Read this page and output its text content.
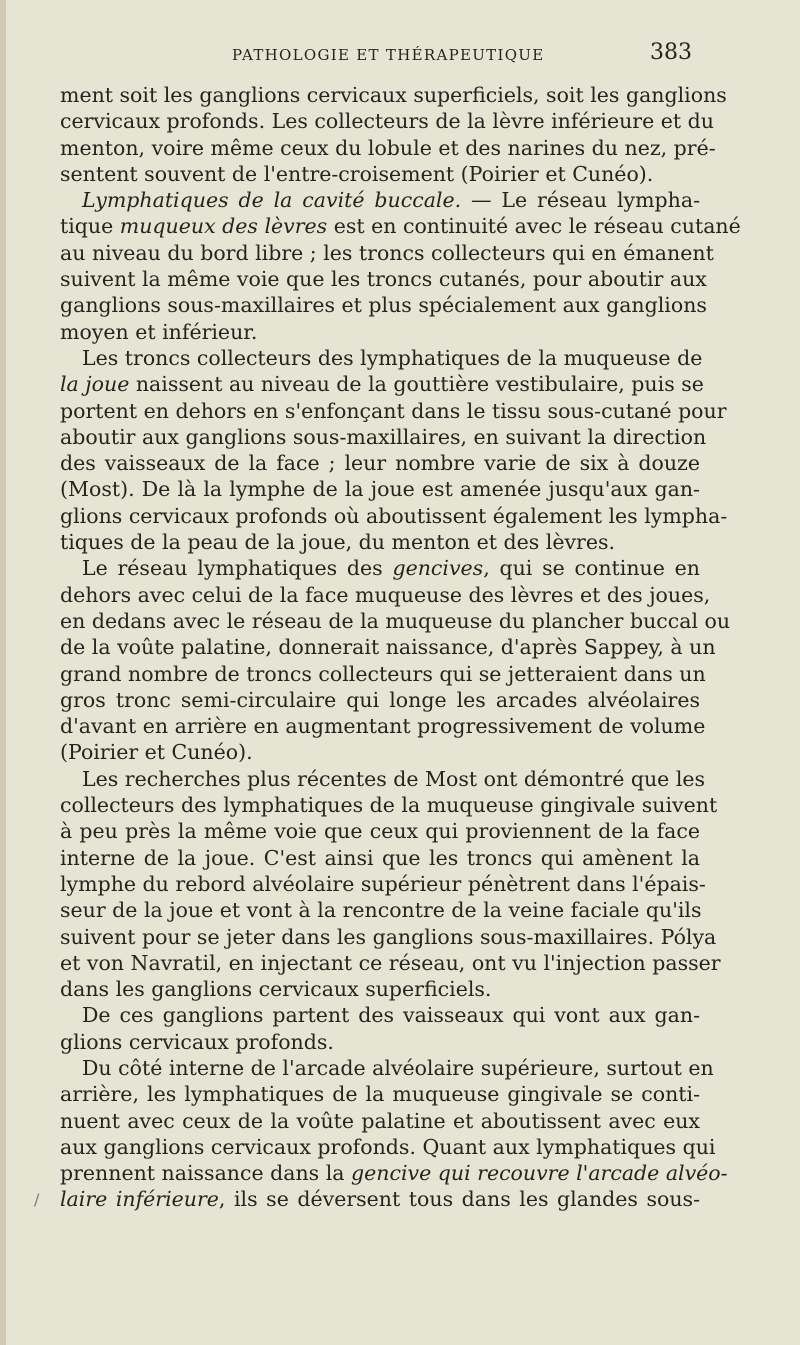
PATHOLOGIE ET THÉRAPEUTIQUE	383
ment soit les ganglions cervicaux superficiels, soit les ganglions
cervicaux profonds. Les collecteurs de la lèvre inférieure et du
menton, voire même ceux du lobule et des narines du nez, pré-
sentent souvent de l'entre-croisement (Poirier et Cunéo).
Lymphatiques de la cavité buccale. — Le réseau lympha-
tique muqueux des lèvres est en continuité avec le réseau cutané
au niveau du bord libre ; les troncs collecteurs qui en émanent
suivent la même voie que les troncs cutanés, pour aboutir aux
ganglions sous-maxillaires et plus spécialement aux ganglions
moyen et inférieur.
Les troncs collecteurs des lymphatiques de la muqueuse de
la joue naissent au niveau de la gouttière vestibulaire, puis se
portent en dehors en s'enfonçant dans le tissu sous-cutané pour
aboutir aux ganglions sous-maxillaires, en suivant la direction
des vaisseaux de la face ; leur nombre varie de six à douze
(Most). De là la lymphe de la joue est amenée jusqu'aux gan-
glions cervicaux profonds où aboutissent également les lympha-
tiques de la peau de la joue, du menton et des lèvres.
Le réseau lymphatiques des gencives, qui se continue en
dehors avec celui de la face muqueuse des lèvres et des joues,
en dedans avec le réseau de la muqueuse du plancher buccal ou
de la voûte palatine, donnerait naissance, d'après Sappey, à un
grand nombre de troncs collecteurs qui se jetteraient dans un
gros tronc semi-circulaire qui longe les arcades alvéolaires
d'avant en arrière en augmentant progressivement de volume
(Poirier et Cunéo).
Les recherches plus récentes de Most ont démontré que les
collecteurs des lymphatiques de la muqueuse gingivale suivent
à peu près la même voie que ceux qui proviennent de la face
interne de la joue. C'est ainsi que les troncs qui amènent la
lymphe du rebord alvéolaire supérieur pénètrent dans l'épais-
seur de la joue et vont à la rencontre de la veine faciale qu'ils
suivent pour se jeter dans les ganglions sous-maxillaires. Pólya
et von Navratil, en injectant ce réseau, ont vu l'injection passer
dans les ganglions cervicaux superficiels.
De ces ganglions partent des vaisseaux qui vont aux gan-
glions cervicaux profonds.
Du côté interne de l'arcade alvéolaire supérieure, surtout en
arrière, les lymphatiques de la muqueuse gingivale se conti-
nuent avec ceux de la voûte palatine et aboutissent avec eux
aux ganglions cervicaux profonds. Quant aux lymphatiques qui
prennent naissance dans la gencive qui recouvre l'arcade alvéo-
laire inférieure, ils se déversent tous dans les glandes sous-
/
